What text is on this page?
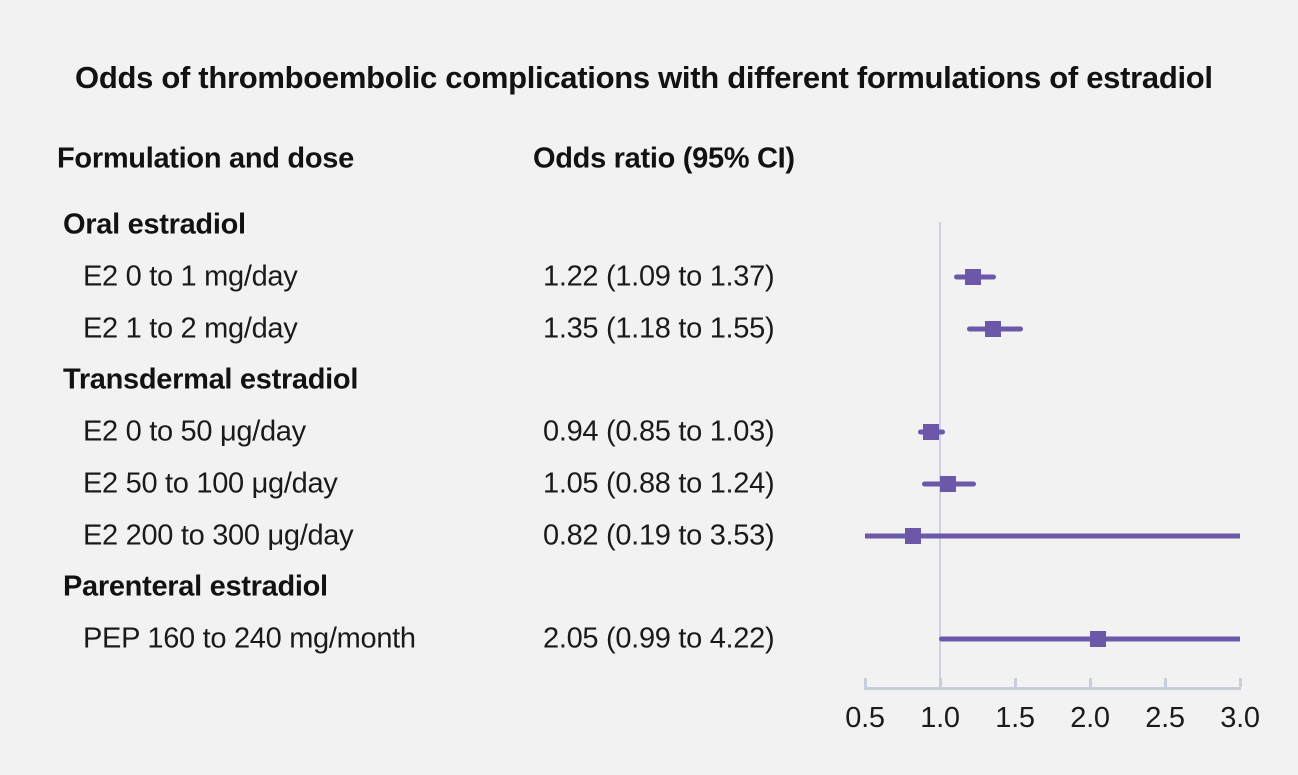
Odds of thromboembolic complications with different formulations of estradiol
Formulation and dose	Odds ratio (95% CI)
Oral estradiol
E2 0 to 1 mg/day	1.22 (1.09 to 1.37)
E2 1 to 2 mg/day	1.35 (1.18 to 1.55)
Transdermal estradiol
E2 0 to 50 μg/day	0.94 (0.85 to 1.03)
E2 50 to 100 μg/day	1.05 (0.88 to 1.24)
E2 200 to 300 μg/day	0.82 (0.19 to 3.53)
Parenteral estradiol
PEP 160 to 240 mg/month	2.05 (0.99 to 4.22)
0.5 1.0 1.5 2.0 2.5 3.0
